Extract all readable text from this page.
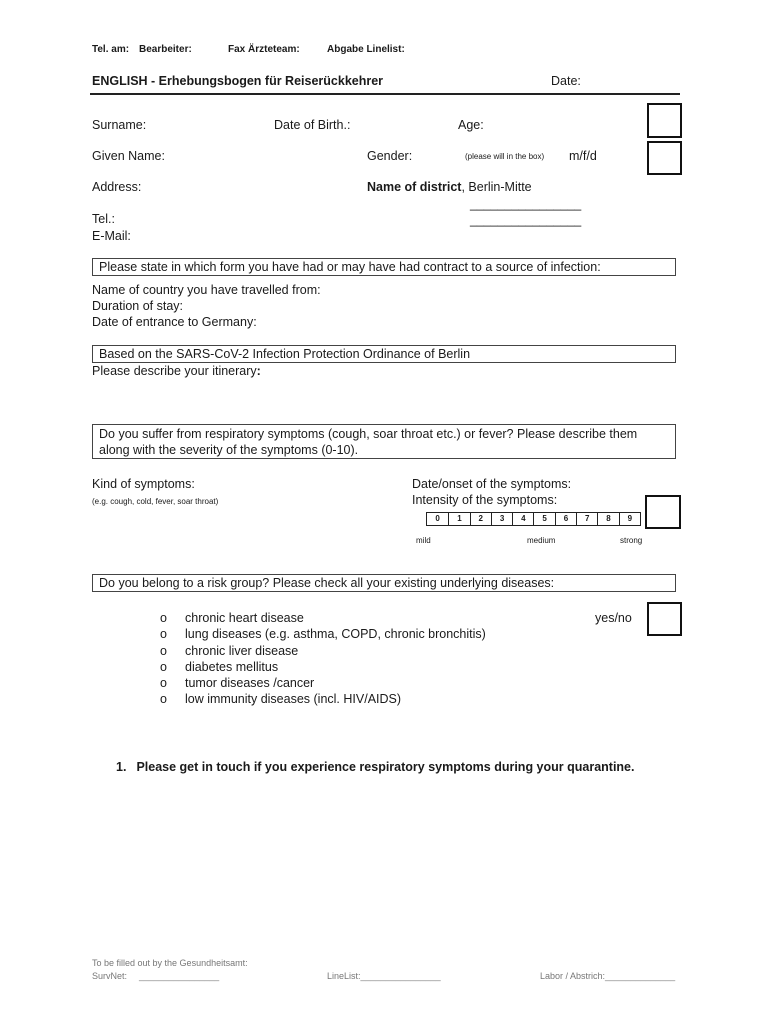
Tel. am: Bearbeiter:	Fax Ärzteteam:	Abgabe Linelist:
ENGLISH - Erhebungsbogen für Reiserückkehrer	Date:
Surname:	Date of Birth.:	Age:
Given Name:	Gender:	(please will in the box) m/f/d
Address:	Name of district, Berlin-Mitte
________________
________________
Tel.:
E-Mail:
Please state in which form you have had or may have had contract to a source of infection:
Name of country you have travelled from:
Duration of stay:
Date of entrance to Germany:
Based on the SARS-CoV-2 Infection Protection Ordinance of Berlin
Please describe your itinerary:
Do you suffer from respiratory symptoms (cough, soar throat etc.) or fever? Please describe them
along with the severity of the symptoms (0-10).
Kind of symptoms:
(e.g. cough, cold, fever, soar throat)
Date/onset of the symptoms:
Intensity of the symptoms:
0	1	2	3	4	5	6	7	8	9
mild	medium	strong
Do you belong to a risk group? Please check all your existing underlying diseases:
o	chronic heart disease
o	lung diseases (e.g. asthma, COPD, chronic bronchitis)
o	chronic liver disease
o	diabetes mellitus
o	tumor diseases /cancer
o	low immunity diseases (incl. HIV/AIDS)
yes/no
1. Please get in touch if you experience respiratory symptoms during your quarantine.
To be filled out by the Gesundheitsamt:
SurvNet: ________________	LineList:________________	Labor / Abstrich:______________
